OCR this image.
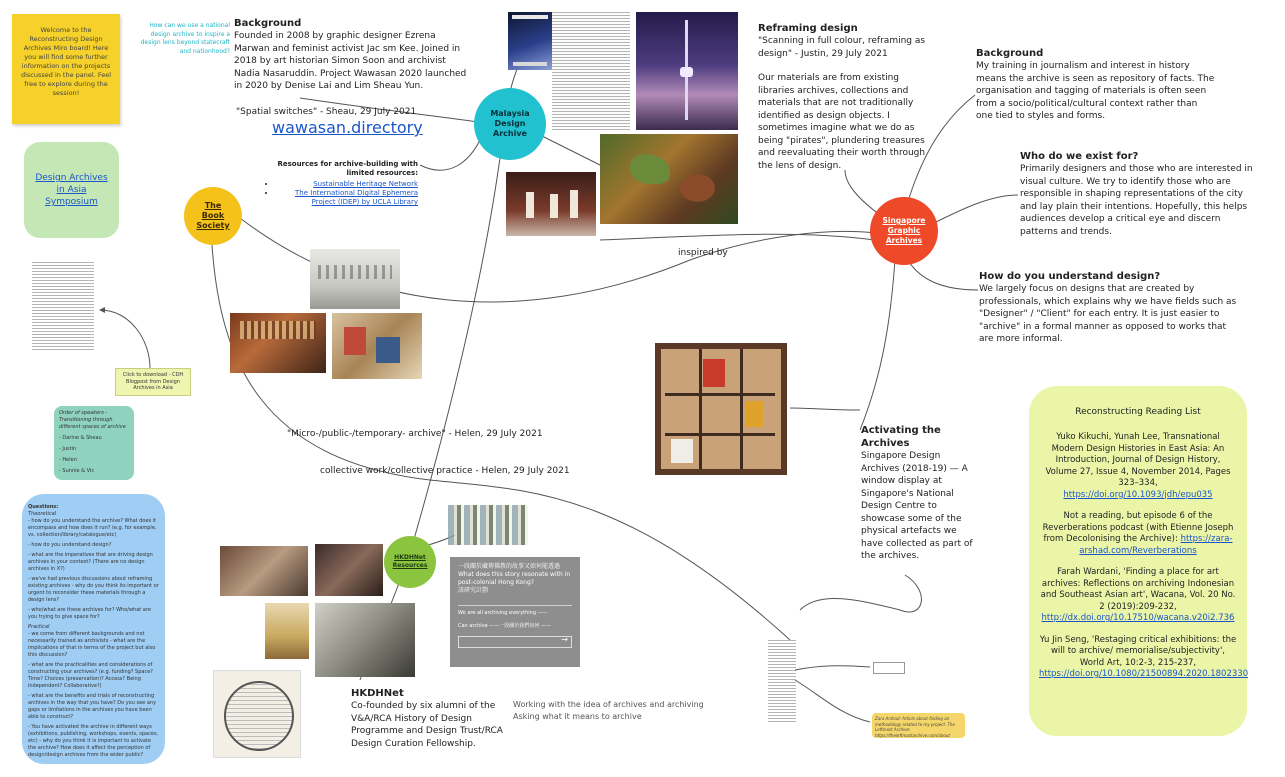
Welcome to the Reconstructing Design Archives Miro board! Here you will find some further information on the projects discussed in the panel. Feel free to explore during the session!
Design Archives in Asia Symposium
Click to download - CDH Blogpost from Design Archives in Asia
Order of speakers - Transitioning through different spaces of archive
- Darine & Sheau
- Justin
- Helen
- Sunnie & Vic
Questions:
Theoretical
- how do you understand the archive? What does it encompass and how does it run? (e.g. for example, vs. collection/library/catalogue/etc)
- how do you understand design?
- what are the imperatives that are driving design archives in your context? (There are no design archives in X?)
- we've had previous discussions about reframing existing archives - why do you think its important or urgent to reconsider these materials through a design lens?
- who/what are these archives for? Who/what are you trying to give space for?
Practical
- we come from different backgrounds and not necessarily trained as archivists - what are the implications of that in terms of the project but also this discussion?
- what are the practicalities and considerations of constructing your archives? (e.g. funding? Space? Time? Choices (preservation)? Access? Being independent? Collaborative?)
- what are the benefits and trials of reconstructing archives in the way that you have? Do you see any gaps or limitations in the archives you have been able to construct?
- You have activated the archive in different ways (exhibitions, publishing, workshops, events, spaces, etc) - why do you think it is important to activate the archive? How does it affect the perception of design/design archives from the wider public?
How can we use a national design archive to inspire a design lens beyond statecraft and nationhood?
Background
Founded in 2008 by graphic designer Ezrena Marwan and feminist activist Jac sm Kee. Joined in 2018 by art historian Simon Soon and archivist Nadia Nasaruddin. Project Wawasan 2020 launched in 2020 by Denise Lai and Lim Sheau Yun.
"Spatial switches" - Sheau, 29 July 2021
wawasan.directory
Resources for archive-building with limited resources:
• Sustainable Heritage Network
• The International Digital Ephemera Project (IDEP) by UCLA Library
Malaysia Design Archive
The Book Society
Singapore Graphic Archives
HKDHNet Resources
Reframing design
"Scanning in full colour, reframing as design" - Justin, 29 July 2021
Our materials are from existing libraries archives, collections and materials that are not traditionally identified as design objects. I sometimes imagine what we do as being "pirates", plundering treasures and reevaluating their worth through the lens of design.
Background
My training in journalism and interest in history means the archive is seen as repository of facts. The organisation and tagging of materials is often seen from a socio/political/cultural context rather than one tied to styles and forms.
Who do we exist for?
Primarily designers and those who are interested in visual culture. We try to identify those who are responsible in shaping representations of the city and lay plain their intentions. Hopefully, this helps audiences develop a critical eye and discern patterns and trends.
How do you understand design?
We largely focus on designs that are created by professionals, which explains why we have fields such as "Designer" / "Client" for each entry. It is just easier to "archive" in a formal manner as opposed to works that are more informal.
inspired by
"Micro-/public-/temporary- archive" - Helen, 29 July 2021
collective work/collective practice - Helen, 29 July 2021
Activating the Archives
Singapore Design Archives (2018-19) — A window display at Singapore's National Design Centre to showcase some of the physical artefacts we have collected as part of the archives.
一段關於藏傳佛教的故事又如何能透過 What does this story resonate with in post-colonial Hong Kong?
該研究計劃
We are all archiving everything ——
Can archive ——一段關於我們如何 ——
→
HKDHNet
Co-founded by six alumni of the V&A/RCA History of Design Programme and Design Trust/RCA Design Curation Fellowship.
Working with the idea of archives and archiving
Asking what it means to archive	Zara Arshad: Article about finding an methodology related to my project. The Leftmost Archive: https://theleftmostarchive.com/about
Reconstructing Reading List

Yuko Kikuchi, Yunah Lee, Transnational Modern Design Histories in East Asia: An Introduction, Journal of Design History, Volume 27, Issue 4, November 2014, Pages 323–334,
https://doi.org/10.1093/jdh/epu035

Not a reading, but episode 6 of the Reverberations podcast (with Etienne Joseph from Decolonising the Archive): https://zara-arshad.com/Reverberations

Farah Wardani, 'Finding a place for art archives: Reflections on archiving Indonesian and Southeast Asian art', Wacana, Vol. 20 No. 2 (2019):209-232,
http://dx.doi.org/10.17510/wacana.v20i2.736

Yu Jin Seng, 'Restaging critical exhibitions: the will to archive/ memorialise/subjectivity', World Art, 10:2-3, 215-237,
https://doi.org/10.1080/21500894.2020.1802330
